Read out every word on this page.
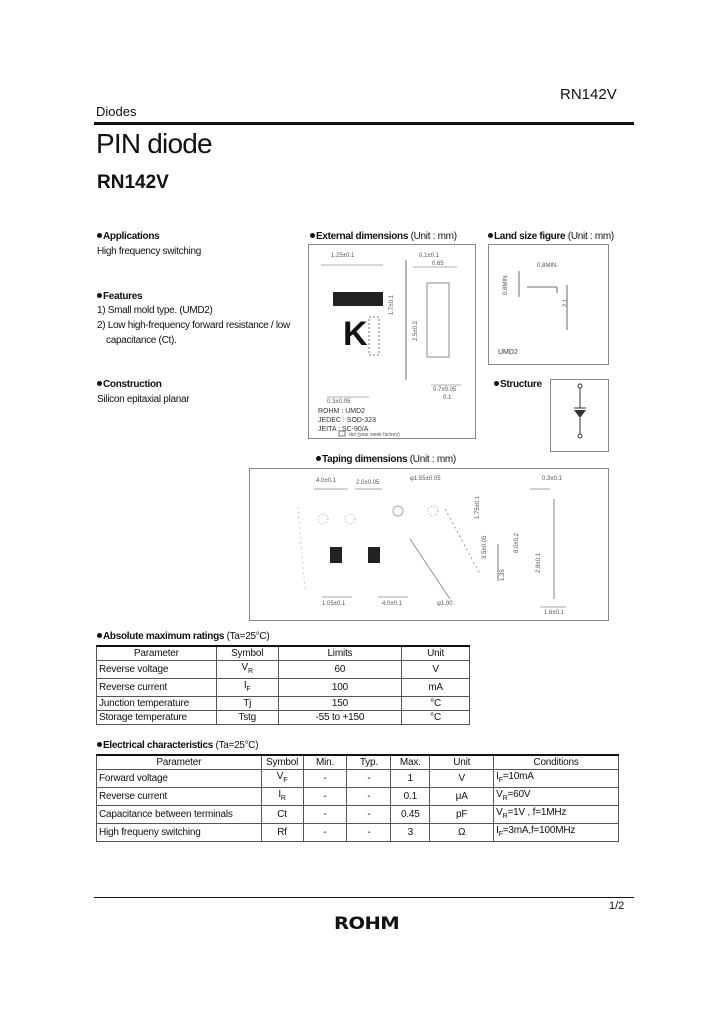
Diodes
RN142V
PIN diode
RN142V
Applications
High frequency switching
Features
1) Small mold type. (UMD2)
2) Low high-frequency forward resistance / low
capacitance (Ct).
Construction
Silicon epitaxial planar
External dimensions (Unit : mm)
1.25±0.1	0.1±0.1
0.65
1.7±0.1
2.5±0.2
K
0.7±0.05
0.3±0.05
0.1
ROHM : UMD2
JEDEC : SOD-323
JEITA : SC-90/A
dot (year week factory)
Land size figure (Unit : mm)
0.8MIN.
0.8MIN.
2.1
UMD2
Structure
Taping dimensions (Unit : mm)
4.0±0.1	2.0±0.05
φ1.55±0.05
1.75±0.1
3.5±0.05	8.0±0.2
2.8±0.1
1.35
0.3±0.1
1.05±0.1	4.0±0.1	φ1.00
1.6±0.1
Absolute maximum ratings (Ta=25°C)
Parameter	Symbol	Limits	Unit
Reverse voltage	$V_R$	60	V
Reverse current	$I_F$	100	mA
Junction temperature	Tj	150	°C
Storage temperature	Tstg	-55 to +150	°C
Electrical characteristics (Ta=25°C)
Parameter	Symbol	Min.	Typ.	Max.	Unit	Conditions
Forward voltage	$V_F$	-	-	1	V	$I_F=10mA$
Reverse current	$I_R$	-	-	0.1	μA	$V_R=60V$
Capacitance between terminals	Ct	-	-	0.45	pF	$V_R=1V$ , f=1MHz
High frequeny switching	Rf	-	-	3	Ω	$I_F=3mA,f=100MHz$
1/2
ROHM
